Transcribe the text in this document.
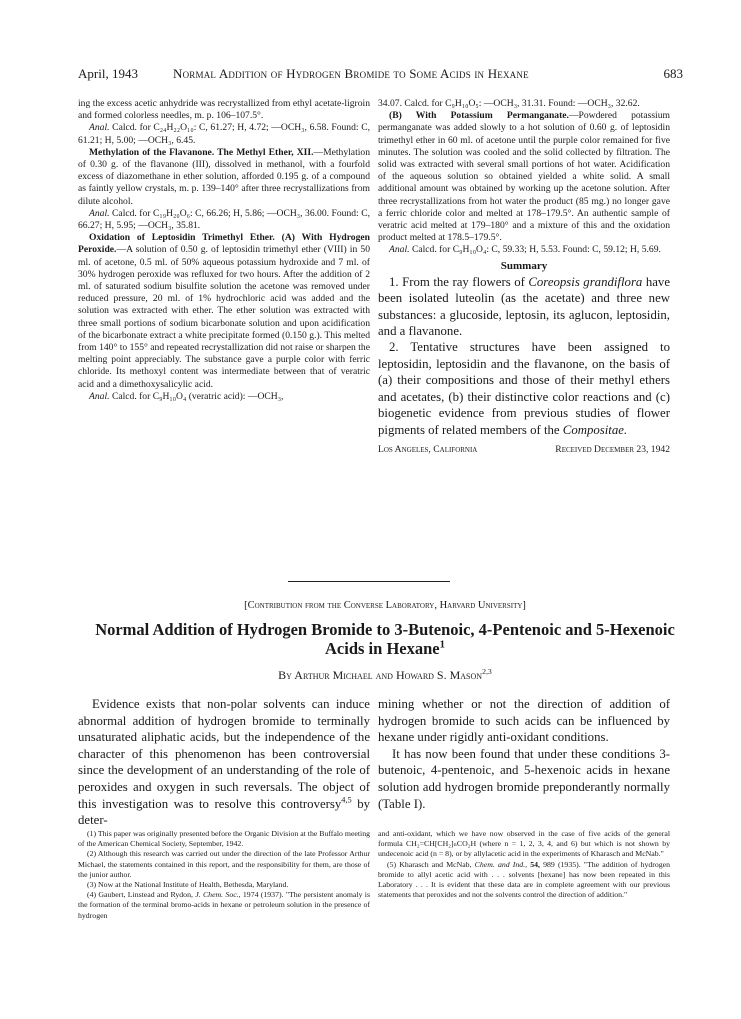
April, 1943	Normal Addition of Hydrogen Bromide to Some Acids in Hexane	683

ing the excess acetic anhydride was recrystallized from ethyl acetate-ligroin and formed colorless needles, m. p. 106–107.5°.

Anal. Calcd. for C₂₄H₂₂O₁₀: C, 61.27; H, 4.72; —OCH₃, 6.58. Found: C, 61.21; H, 5.00; —OCH₃, 6.45.

Methylation of the Flavanone. The Methyl Ether, XII.—Methylation of 0.30 g. of the flavanone (III), dissolved in methanol, with a fourfold excess of diazomethane in ether solution, afforded 0.195 g. of a compound as faintly yellow crystals, m. p. 139–140° after three recrystallizations from dilute alcohol.

Anal. Calcd. for C₁₉H₂₀O₆: C, 66.26; H, 5.86; —OCH₃, 36.00. Found: C, 66.27; H, 5.95; —OCH₃, 35.81.

Oxidation of Leptosidin Trimethyl Ether. (A) With Hydrogen Peroxide.—A solution of 0.50 g. of leptosidin trimethyl ether (VIII) in 50 ml. of acetone, 0.5 ml. of 50% aqueous potassium hydroxide and 7 ml. of 30% hydrogen peroxide was refluxed for two hours. After the addition of 2 ml. of saturated sodium bisulfite solution the acetone was removed under reduced pressure, 20 ml. of 1% hydrochloric acid was added and the solution was extracted with ether. The ether solution was extracted with three small portions of sodium bicarbonate solution and upon acidification of the bicarbonate extract a white precipitate formed (0.150 g.). This melted from 140° to 155° and repeated recrystallization did not raise or sharpen the melting point appreciably. The substance gave a purple color with ferric chloride. Its methoxyl content was intermediate between that of veratric acid and a dimethoxysalicylic acid.

Anal. Calcd. for C₉H₁₀O₄ (veratric acid): —OCH₃,

34.07. Calcd. for C₉H₁₀O₅: —OCH₃, 31.31. Found: —OCH₃, 32.62.

(B) With Potassium Permanganate.—Powdered potassium permanganate was added slowly to a hot solution of 0.60 g. of leptosidin trimethyl ether in 60 ml. of acetone until the purple color remained for five minutes. The solution was cooled and the solid collected by filtration. The solid was extracted with several small portions of hot water. Acidification of the aqueous solution so obtained yielded a white solid. A small additional amount was obtained by working up the acetone solution. After three recrystallizations from hot water the product (85 mg.) no longer gave a ferric chloride color and melted at 178–179.5°. An authentic sample of veratric acid melted at 179–180° and a mixture of this and the oxidation product melted at 178.5–179.5°.

Anal. Calcd. for C₉H₁₀O₄: C, 59.33; H, 5.53. Found: C, 59.12; H, 5.69.

Summary

1. From the ray flowers of Coreopsis grandiflora have been isolated luteolin (as the acetate) and three new substances: a glucoside, leptosin, its aglucon, leptosidin, and a flavanone.

2. Tentative structures have been assigned to leptosidin, leptosidin and the flavanone, on the basis of (a) their compositions and those of their methyl ethers and acetates, (b) their distinctive color reactions and (c) biogenetic evidence from previous studies of flower pigments of related members of the Compositae.

Los Angeles, California	Received December 23, 1942
[Contribution from the Converse Laboratory, Harvard University]
Normal Addition of Hydrogen Bromide to 3-Butenoic, 4-Pentenoic and 5-Hexenoic Acids in Hexane$^1$
By Arthur Michael and Howard S. Mason$^{2,3}$

Evidence exists that non-polar solvents can induce abnormal addition of hydrogen bromide to terminally unsaturated aliphatic acids, but the independence of the character of this phenomenon has been controversial since the development of an understanding of the role of peroxides and oxygen in such reversals. The object of this investigation was to resolve this controversy$^{4,5}$ by deter-

mining whether or not the direction of addition of hydrogen bromide to such acids can be influenced by hexane under rigidly anti-oxidant conditions.

It has now been found that under these conditions 3-butenoic, 4-pentenoic, and 5-hexenoic acids in hexane solution add hydrogen bromide preponderantly normally (Table I).

(1) This paper was originally presented before the Organic Division at the Buffalo meeting of the American Chemical Society, September, 1942.

(2) Although this research was carried out under the direction of the late Professor Arthur Michael, the statements contained in this report, and the responsibility for them, are those of the junior author.

(3) Now at the National Institute of Health, Bethesda, Maryland.

(4) Gaubert, Linstead and Rydon, J. Chem. Soc., 1974 (1937). "The persistent anomaly is the formation of the terminal bromo-acids in hexane or petroleum solution in the presence of hydrogen

and anti-oxidant, which we have now observed in the case of five acids of the general formula CH₂=CH[CH₂]ₙCO₂H (where n = 1, 2, 3, 4, and 6) but which is not shown by undecenoic acid (n = 8), or by allylacetic acid in the experiments of Kharasch and McNab."

(5) Kharasch and McNab, Chem. and Ind., 54, 989 (1935). "The addition of hydrogen bromide to allyl acetic acid with . . . solvents [hexane] has now been repeated in this Laboratory . . . It is evident that these data are in complete agreement with our previous statements that peroxides and not the solvents control the direction of addition."
